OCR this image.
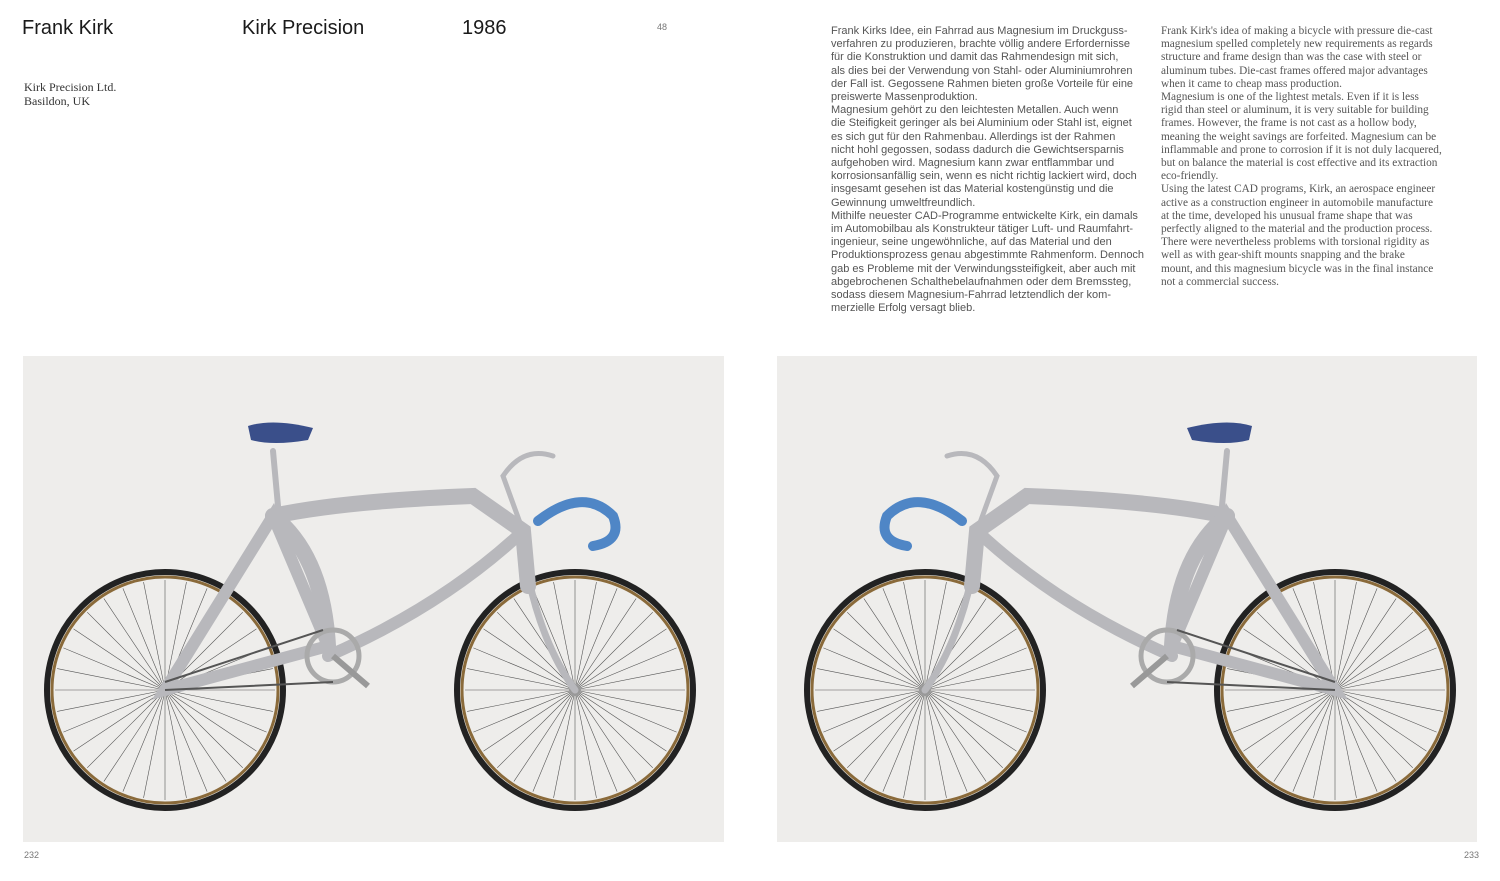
Frank Kirk	Kirk Precision	1986	48
Kirk Precision Ltd.
Basildon, UK
Frank Kirks Idee, ein Fahrrad aus Magnesium im Druckguss-
verfahren zu produzieren, brachte völlig andere Erfordernisse
für die Konstruktion und damit das Rahmendesign mit sich,
als dies bei der Verwendung von Stahl- oder Aluminiumrohren
der Fall ist. Gegossene Rahmen bieten große Vorteile für eine
preiswerte Massenproduktion.
Magnesium gehört zu den leichtesten Metallen. Auch wenn
die Steifigkeit geringer als bei Aluminium oder Stahl ist, eignet
es sich gut für den Rahmenbau. Allerdings ist der Rahmen
nicht hohl gegossen, sodass dadurch die Gewichtsersparnis
aufgehoben wird. Magnesium kann zwar entflammbar und
korrosionsanfällig sein, wenn es nicht richtig lackiert wird, doch
insgesamt gesehen ist das Material kostengünstig und die
Gewinnung umweltfreundlich.
Mithilfe neuester CAD-Programme entwickelte Kirk, ein damals
im Automobilbau als Konstrukteur tätiger Luft- und Raumfahrt-
ingenieur, seine ungewöhnliche, auf das Material und den
Produktionsprozess genau abgestimmte Rahmenform. Dennoch
gab es Probleme mit der Verwindungssteifigkeit, aber auch mit
abgebrochenen Schalthebelaufnahmen oder dem Bremssteg,
sodass diesem Magnesium-Fahrrad letztendlich der kom-
merzielle Erfolg versagt blieb.
Frank Kirk's idea of making a bicycle with pressure die-cast
magnesium spelled completely new requirements as regards
structure and frame design than was the case with steel or
aluminum tubes. Die-cast frames offered major advantages
when it came to cheap mass production.
Magnesium is one of the lightest metals. Even if it is less
rigid than steel or aluminum, it is very suitable for building
frames. However, the frame is not cast as a hollow body,
meaning the weight savings are forfeited. Magnesium can be
inflammable and prone to corrosion if it is not duly lacquered,
but on balance the material is cost effective and its extraction
eco-friendly.
Using the latest CAD programs, Kirk, an aerospace engineer
active as a construction engineer in automobile manufacture
at the time, developed his unusual frame shape that was
perfectly aligned to the material and the production process.
There were nevertheless problems with torsional rigidity as
well as with gear-shift mounts snapping and the brake
mount, and this magnesium bicycle was in the final instance
not a commercial success.
232	233
